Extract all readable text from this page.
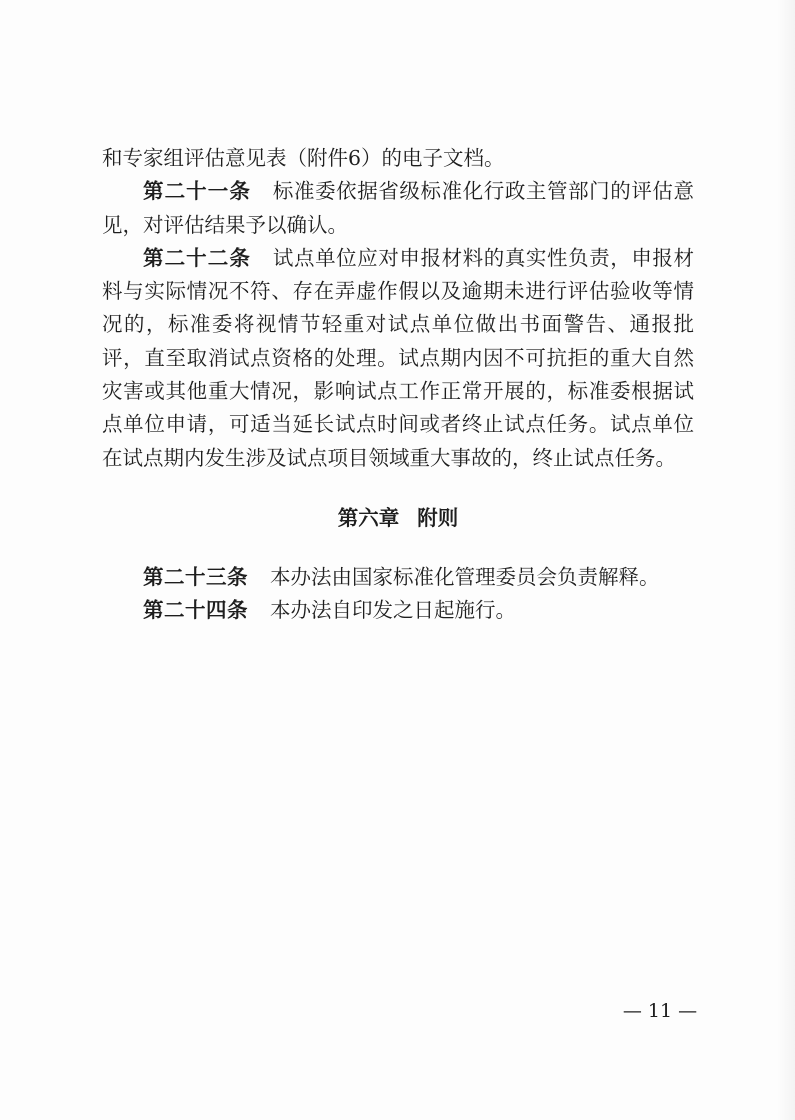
和专家组评估意见表（附件6）的电子文档。

第二十一条 标准委依据省级标准化行政主管部门的评估意见，对评估结果予以确认。

第二十二条 试点单位应对申报材料的真实性负责，申报材料与实际情况不符、存在弄虚作假以及逾期未进行评估验收等情况的，标准委将视情节轻重对试点单位做出书面警告、通报批评，直至取消试点资格的处理。试点期内因不可抗拒的重大自然灾害或其他重大情况，影响试点工作正常开展的，标准委根据试点单位申请，可适当延长试点时间或者终止试点任务。试点单位在试点期内发生涉及试点项目领域重大事故的，终止试点任务。

第六章 附则

第二十三条 本办法由国家标准化管理委员会负责解释。

第二十四条 本办法自印发之日起施行。

— 11 —
